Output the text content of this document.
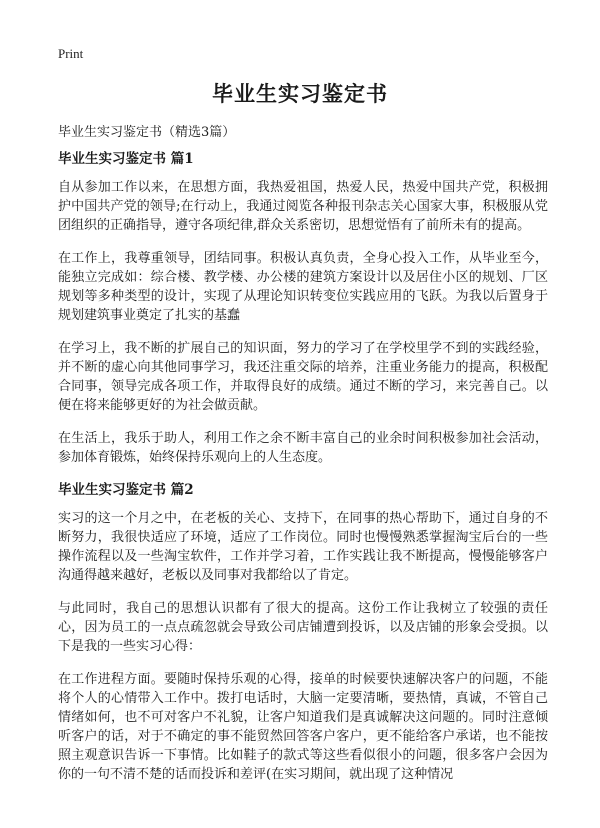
Print
毕业生实习鉴定书
毕业生实习鉴定书（精选3篇）
毕业生实习鉴定书 篇1

自从参加工作以来，在思想方面，我热爱祖国，热爱人民，热爱中国共产党，积极拥护中国共产党的领导;在行动上，我通过阅览各种报刊杂志关心国家大事，积极服从党团组织的正确指导，遵守各项纪律,群众关系密切，思想觉悟有了前所未有的提高。

在工作上，我尊重领导，团结同事。积极认真负责，全身心投入工作，从毕业至今，能独立完成如：综合楼、教学楼、办公楼的建筑方案设计以及居住小区的规划、厂区规划等多种类型的设计，实现了从理论知识转变位实践应用的飞跃。为我以后置身于规划建筑事业奠定了扎实的基蠢

在学习上，我不断的扩展自己的知识面，努力的学习了在学校里学不到的实践经验，并不断的虚心向其他同事学习，我还注重交际的培养，注重业务能力的提高，积极配合同事，领导完成各项工作，并取得良好的成绩。通过不断的学习，来完善自己。以便在将来能够更好的为社会做贡献。

在生活上，我乐于助人，利用工作之余不断丰富自己的业余时间积极参加社会活动，参加体育锻炼，始终保持乐观向上的人生态度。

毕业生实习鉴定书 篇2

实习的这一个月之中，在老板的关心、支持下，在同事的热心帮助下，通过自身的不断努力，我很快适应了环境，适应了工作岗位。同时也慢慢熟悉掌握淘宝后台的一些操作流程以及一些淘宝软件，工作并学习着，工作实践让我不断提高，慢慢能够客户沟通得越来越好，老板以及同事对我都给以了肯定。

与此同时，我自己的思想认识都有了很大的提高。这份工作让我树立了较强的责任心，因为员工的一点点疏忽就会导致公司店铺遭到投诉，以及店铺的形象会受损。以下是我的一些实习心得：

在工作进程方面。要随时保持乐观的心得，接单的时候要快速解决客户的问题，不能将个人的心情带入工作中。拨打电话时，大脑一定要清晰，要热情，真诚，不管自己情绪如何，也不可对客户不礼貌，让客户知道我们是真诚解决这问题的。同时注意倾听客户的话，对于不确定的事不能贸然回答客户客户，更不能给客户承诺，也不能按照主观意识告诉一下事情。比如鞋子的款式等这些看似很小的问题，很多客户会因为你的一句不清不楚的话而投诉和差评(在实习期间，就出现了这种情况
